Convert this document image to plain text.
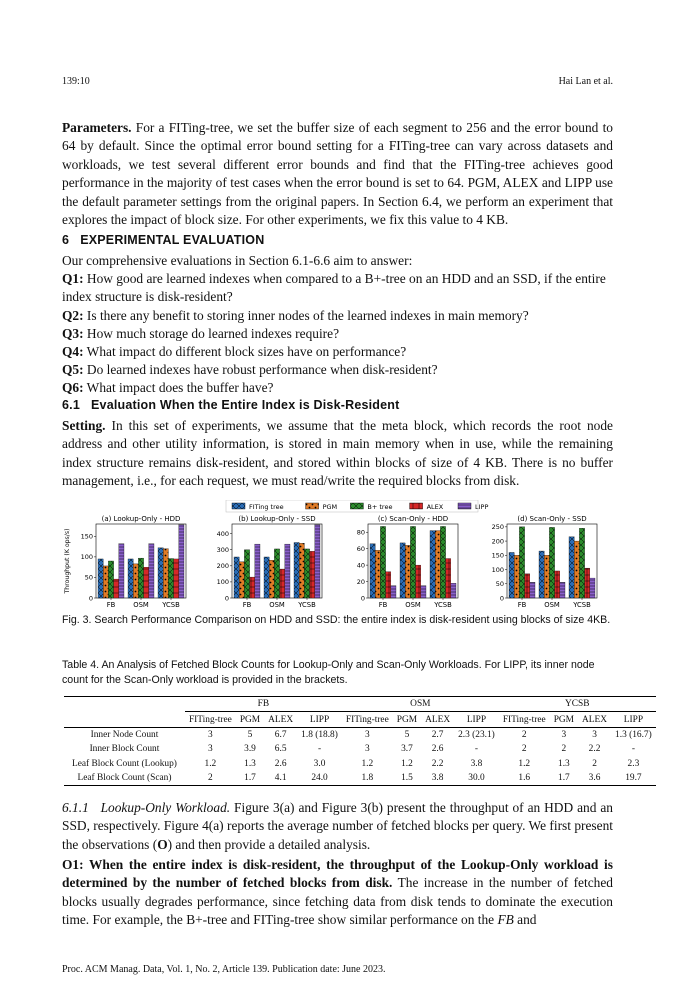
139:10	Hai Lan et al.
Parameters. For a FITing-tree, we set the buffer size of each segment to 256 and the error bound to 64 by default. Since the optimal error bound setting for a FITing-tree can vary across datasets and workloads, we test several different error bounds and find that the FITing-tree achieves good performance in the majority of test cases when the error bound is set to 64. PGM, ALEX and LIPP use the default parameter settings from the original papers. In Section 6.4, we perform an experiment that explores the impact of block size. For other experiments, we fix this value to 4 KB.
6 EXPERIMENTAL EVALUATION
Our comprehensive evaluations in Section 6.1-6.6 aim to answer:
Q1: How good are learned indexes when compared to a B+-tree on an HDD and an SSD, if the entire index structure is disk-resident?
Q2: Is there any benefit to storing inner nodes of the learned indexes in main memory?
Q3: How much storage do learned indexes require?
Q4: What impact do different block sizes have on performance?
Q5: Do learned indexes have robust performance when disk-resident?
Q6: What impact does the buffer have?
6.1 Evaluation When the Entire Index is Disk-Resident
Setting. In this set of experiments, we assume that the meta block, which records the root node address and other utility information, is stored in main memory when in use, while the remaining index structure remains disk-resident, and stored within blocks of size of 4 KB. There is no buffer management, i.e., for each request, we must read/write the required blocks from disk.
FITing tree	PGM	B+ tree	ALEX	LIPP
(a) Lookup-Only - HDD
0
50
100
150
Throughput (K ops/s)
FB	OSM YCSB
(b) Lookup-Only - SSD
0
100
200
300
400
FB	OSM YCSB
(c) Scan-Only - HDD
0
20
40
60
80
FB	OSM YCSB
(d) Scan-Only - SSD
0
50
100
150
200
250
FB	OSM YCSB
Fig. 3. Search Performance Comparison on HDD and SSD: the entire index is disk-resident using blocks of size 4KB.
Table 4. An Analysis of Fetched Block Counts for Lookup-Only and Scan-Only Workloads. For LIPP, its inner node count for the Scan-Only workload is provided in the brackets.
	FB				OSM				YCSB			
	FITing-tree	PGM	ALEX	LIPP	FITing-tree	PGM	ALEX	LIPP	FITing-tree	PGM	ALEX	LIPP
Inner Node Count	3	5	6.7	1.8 (18.8)	3	5	2.7	2.3 (23.1)	2	3	3	1.3 (16.7)
Inner Block Count	3	3.9	6.5	-	3	3.7	2.6	-	2	2	2.2	-
Leaf Block Count (Lookup)	1.2	1.3	2.6	3.0	1.2	1.2	2.2	3.8	1.2	1.3	2	2.3
Leaf Block Count (Scan)	2	1.7	4.1	24.0	1.8	1.5	3.8	30.0	1.6	1.7	3.6	19.7
6.1.1 Lookup-Only Workload. Figure 3(a) and Figure 3(b) present the throughput of an HDD and an SSD, respectively. Figure 4(a) reports the average number of fetched blocks per query. We first present the observations (O) and then provide a detailed analysis.
O1: When the entire index is disk-resident, the throughput of the Lookup-Only workload is determined by the number of fetched blocks from disk. The increase in the number of fetched blocks usually degrades performance, since fetching data from disk tends to dominate the execution time. For example, the B+-tree and FITing-tree show similar performance on the FB and
Proc. ACM Manag. Data, Vol. 1, No. 2, Article 139. Publication date: June 2023.
